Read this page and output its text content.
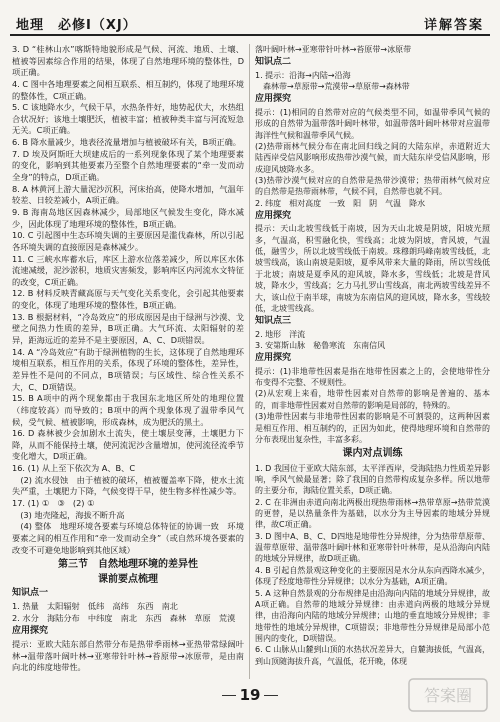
地理　必修Ⅰ（XJ）	详解答案
3. D “桂林山水”喀斯特地貌形成是气候、河流、地质、土壤、植被等因素综合作用的结果，体现了自然地理环境的整体性，D项正确。
4. C 图中各地理要素之间相互联系、相互制约，体现了地理环境的整体性，C项正确。
5. C 该地降水少，气候干旱，水热条件好，地势起伏大，水热组合状况好；该地土壤肥沃，植被丰富；植被种类丰富与河流短急无关。C项正确。
6. B 降水量减少，地表径流量增加与植被破坏有关，B项正确。
7. D 埃及阿斯旺大坝建成后的一系列现象体现了某个地理要素的变化，影响到其他要素乃至整个自然地理要素的“牵一发而动全身”的特点，D项正确。
8. A 林黄河上游大量泥沙沉积，河床抬高，使降水增加，气温年较差、日较差减小，A项正确。
9. B 海南岛地区因森林减少，局部地区气候发生变化，降水减少，因此体现了地理环境的整体性，B项正确。
10. C 引起图中生态环境失调的主要原因是滥伐森林，所以引起各环境失调的直接原因是森林减少。
11. C 三峡水库蓄水后，库区上游水位落差减少，所以库区水体流速减缓，泥沙淤积，地质灾害频发，影响库区内河流水文特征的改变，C项正确。
12. B 材料反映青藏高原与天气变化关系变化，会引起其他要素的变化，体现了地理环境的整体性，B项正确。
13. B 根据材料，“冷岛效应”的形成原因是由于绿洲与沙漠、戈壁之间热力性质的差异，B项正确。大气环流、太阳辐射的差异，距海远近的差异不是主要原因，A、C、D项错误。
14. A “冷岛效应”有助于绿洲植物的生长，这体现了自然地理环境相互联系，相互作用的关系，体现了环境的整体性，差异性，差异性不是问的不同点，B项错误；与区域性、综合性关系不大，C、D项错误。
15. B A项中的两个现象都由于我国东北地区所处的地理位置（纬度较高）而导致的；B项中的两个现象体现了温带季风气候，受气候、植被影响，形成森林，成为肥沃的黑土。
16. D 森林被少会加剧水土流失，使土壤层变薄，土壤肥力下降，从而不能保持土壤，使河流泥沙含量增加，使河流径流季节变化增大，D项正确。
16. (1) 从上至下依次为 A、B、C
　(2) 流水侵蚀　由于植被的破坏，植被覆盖率下降，使水土流失严重，土壤肥力下降，气候变得干旱，使生物多样性减少等。
17. (1) ①　③　(2) ①
　(3) 地壳隆起，海拔不断升高
　(4) 整体　地理环境各要素与环境总体特征的协调一致　环境要素之间的相互作用和“牵一发而动全身”（或自然环境各要素的改变不可避免地影响到其他区域）
第三节　自然地理环境的差异性
课前要点梳理
知识点一
1. 热量　太阳辐射　低纬　高纬　东西　南北
2. 水分　海陆分布　中纬度　南北　东西　森林　草原　荒漠
应用探究
提示：亚欧大陆东部自然带分布是热带季雨林→亚热带常绿阔叶林→温带落叶阔叶林→亚寒带针叶林→苔原带→冰原带，是由南向北的纬度地带性。
落叶阔叶林→亚寒带针叶林→苔原带→冰原带
知识点二
1. 提示：沿海→内陆→沿海
　森林带→草原带→荒漠带→草原带→森林带
应用探究
提示：(1)相同的自然带对应的气候类型不同，如温带季风气候的形成的自然带为温带落叶阔叶林带，如温带落叶阔叶林带对应温带海洋性气候和温带季风气候。
(2)热带雨林气候分布在南北回归线之间的大陆东岸，赤道附近大陆西岸受信风影响形成热带沙漠气候，而大陆东岸受信风影响，形成迎风坡降水多。
(3)热带沙漠气候对应的自然带是热带沙漠带；热带雨林气候对应的自然带是热带雨林带，气候不同，自然带也就不同。
2. 纬度　相对高度　一致　阳　阴　气温　降水
应用探究
提示：天山北坡雪线低于南坡，因为天山北坡是阴坡，阳坡光照多，气温高，积雪融化快，雪线高；北坡为阴坡，背风坡，气温低，融雪少，所以北坡雪线低于南坡。珠穆朗玛峰南坡雪线低，北坡雪线高，该山南坡是阳坡，夏季风带来大量的降雨，所以雪线低于北坡；南坡是夏季风的迎风坡，降水多，雪线低；北坡是背风坡，降水少，雪线高；乞力马扎罗山雪线高，南北两坡雪线差异不大，该山位于南半球，南坡为东南信风的迎风坡，降水多，雪线较低，北坡雪线高。
知识点三
2. 地形　洋流
3. 安第斯山脉　秘鲁寒流　东南信风
应用探究
提示：(1)非地带性因素是指在地带性因素之上的，会使地带性分布变得不完整、不规则性。
(2)从宏观上来看，地带性因素对自然带的影响是普遍的、基本的，而非地带性因素对自然带的影响是局部的，特殊的。
(3)地带性因素与非地带性因素的影响是不可割裂的，这两种因素是相互作用、相互制约的，正因为如此，使得地理环境和自然带的分布表现出复杂性，丰富多彩。
课内对点训练
1. D 我国位于亚欧大陆东部，太平洋西岸，受海陆热力性质差异影响，季风气候最显著；除了我国的自然带构成复杂多样。所以地带的主要分布，海陆位置关系，D项正确。
2. C 在非洲由赤道向南北两极出现热带雨林→热带草原→热带荒漠的更替，是以热量条件为基础，以水分为主导因素的地域分异规律，故C项正确。
3. D 图中A、B、C、D四地是地带性分异规律，分为热带草原带、温带草原带、温带落叶阔叶林和亚寒带针叶林带，是从沿海向内陆的地域分异规律，故D项正确。
4. B 引起自然景观这种变化的主要原因是水分从东向西降水减少，体现了经度地带性分异规律；以水分为基础，A项正确。
5. A 这种自然景观的分布规律是由沿海向内陆的地域分异规律，故A项正确。自然带的地域分异规律：由赤道向两极的地域分异规律，由沿海向内陆的地域分异规律；山地的垂直地域分异规律；非地带性的地域分异规律，C项错误；非地带性分异规律是局部小范围内的变化，D项错误。
6. C 山脉从山麓到山顶的水热状况差异大，自麓海拔低，气温高，到山顶随海拔升高，气温低，花开晚，体现
19	答案圈
